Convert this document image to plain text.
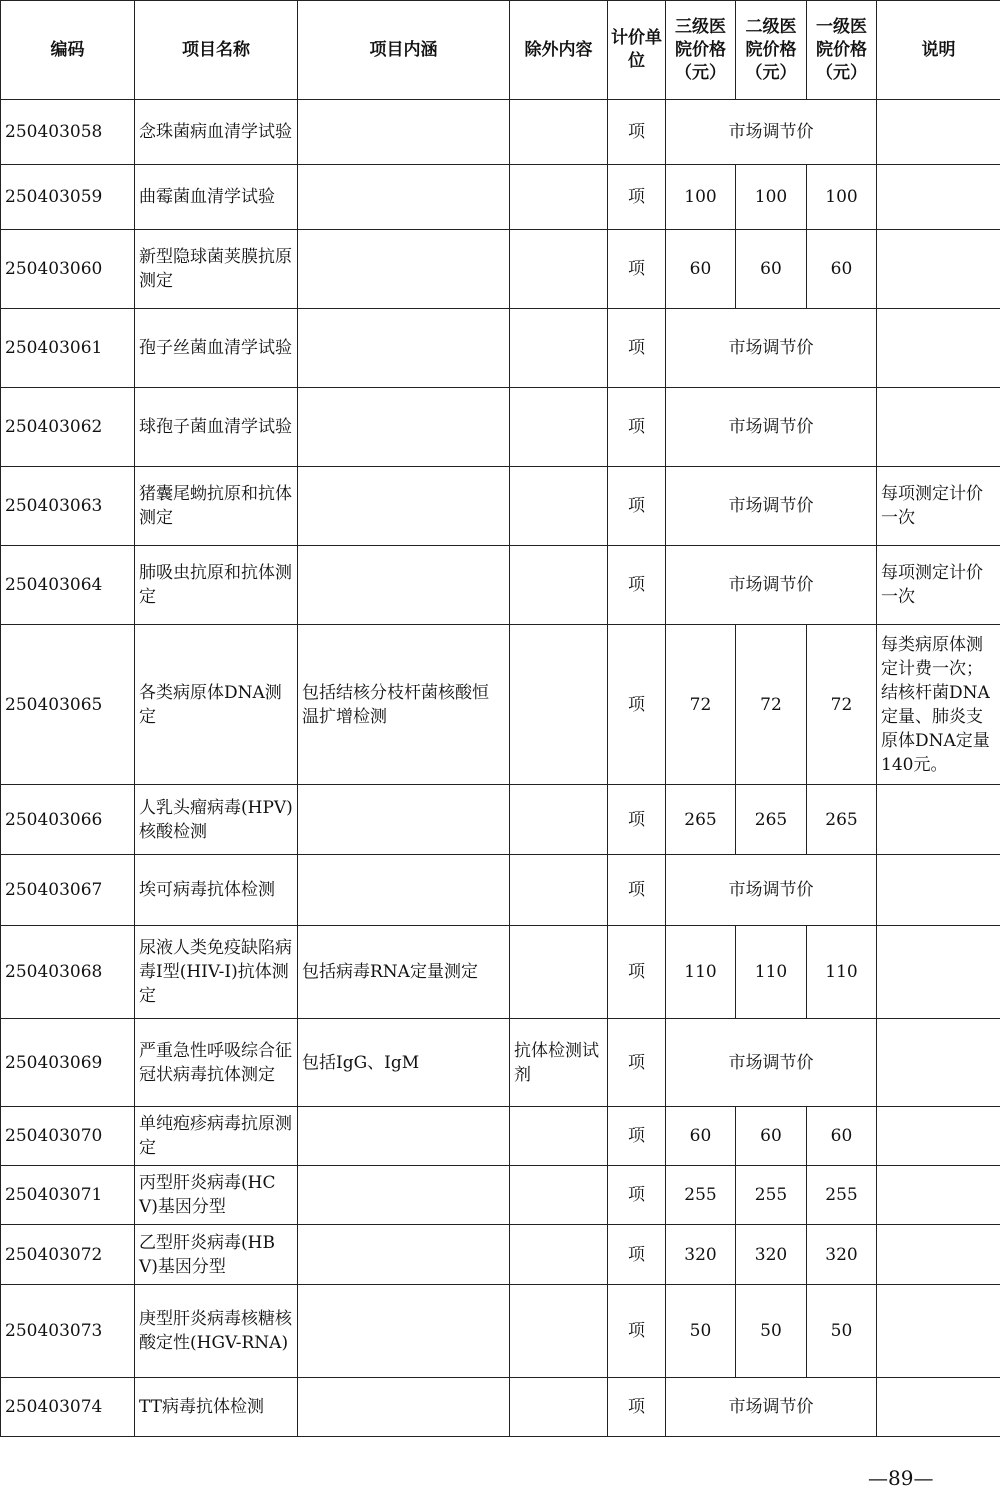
编码	项目名称	项目内涵	除外内容	计价单位	三级医院价格（元）	二级医院价格（元）	一级医院价格（元）	说明
250403058	念珠菌病血清学试验			项	市场调节价			
250403059	曲霉菌血清学试验			项	100	100	100	
250403060	新型隐球菌荚膜抗原测定			项	60	60	60	
250403061	孢子丝菌血清学试验			项	市场调节价			
250403062	球孢子菌血清学试验			项	市场调节价			
250403063	猪囊尾蚴抗原和抗体测定			项	市场调节价			每项测定计价一次
250403064	肺吸虫抗原和抗体测定			项	市场调节价			每项测定计价一次
250403065	各类病原体DNA测定	包括结核分枝杆菌核酸恒温扩增检测		项	72	72	72	每类病原体测定计费一次；结核杆菌DNA定量、肺炎支原体DNA定量140元。
250403066	人乳头瘤病毒(HPV)核酸检测			项	265	265	265	
250403067	埃可病毒抗体检测			项	市场调节价			
250403068	尿液人类免疫缺陷病毒Ⅰ型(HIV-Ⅰ)抗体测定	包括病毒RNA定量测定		项	110	110	110	
250403069	严重急性呼吸综合征冠状病毒抗体测定	包括IgG、IgM	抗体检测试剂	项	市场调节价			
250403070	单纯疱疹病毒抗原测定			项	60	60	60	
250403071	丙型肝炎病毒(HCV)基因分型			项	255	255	255	
250403072	乙型肝炎病毒(HBV)基因分型			项	320	320	320	
250403073	庚型肝炎病毒核糖核酸定性(HGV-RNA)			项	50	50	50	
250403074	TT病毒抗体检测			项	市场调节价			
—89—
